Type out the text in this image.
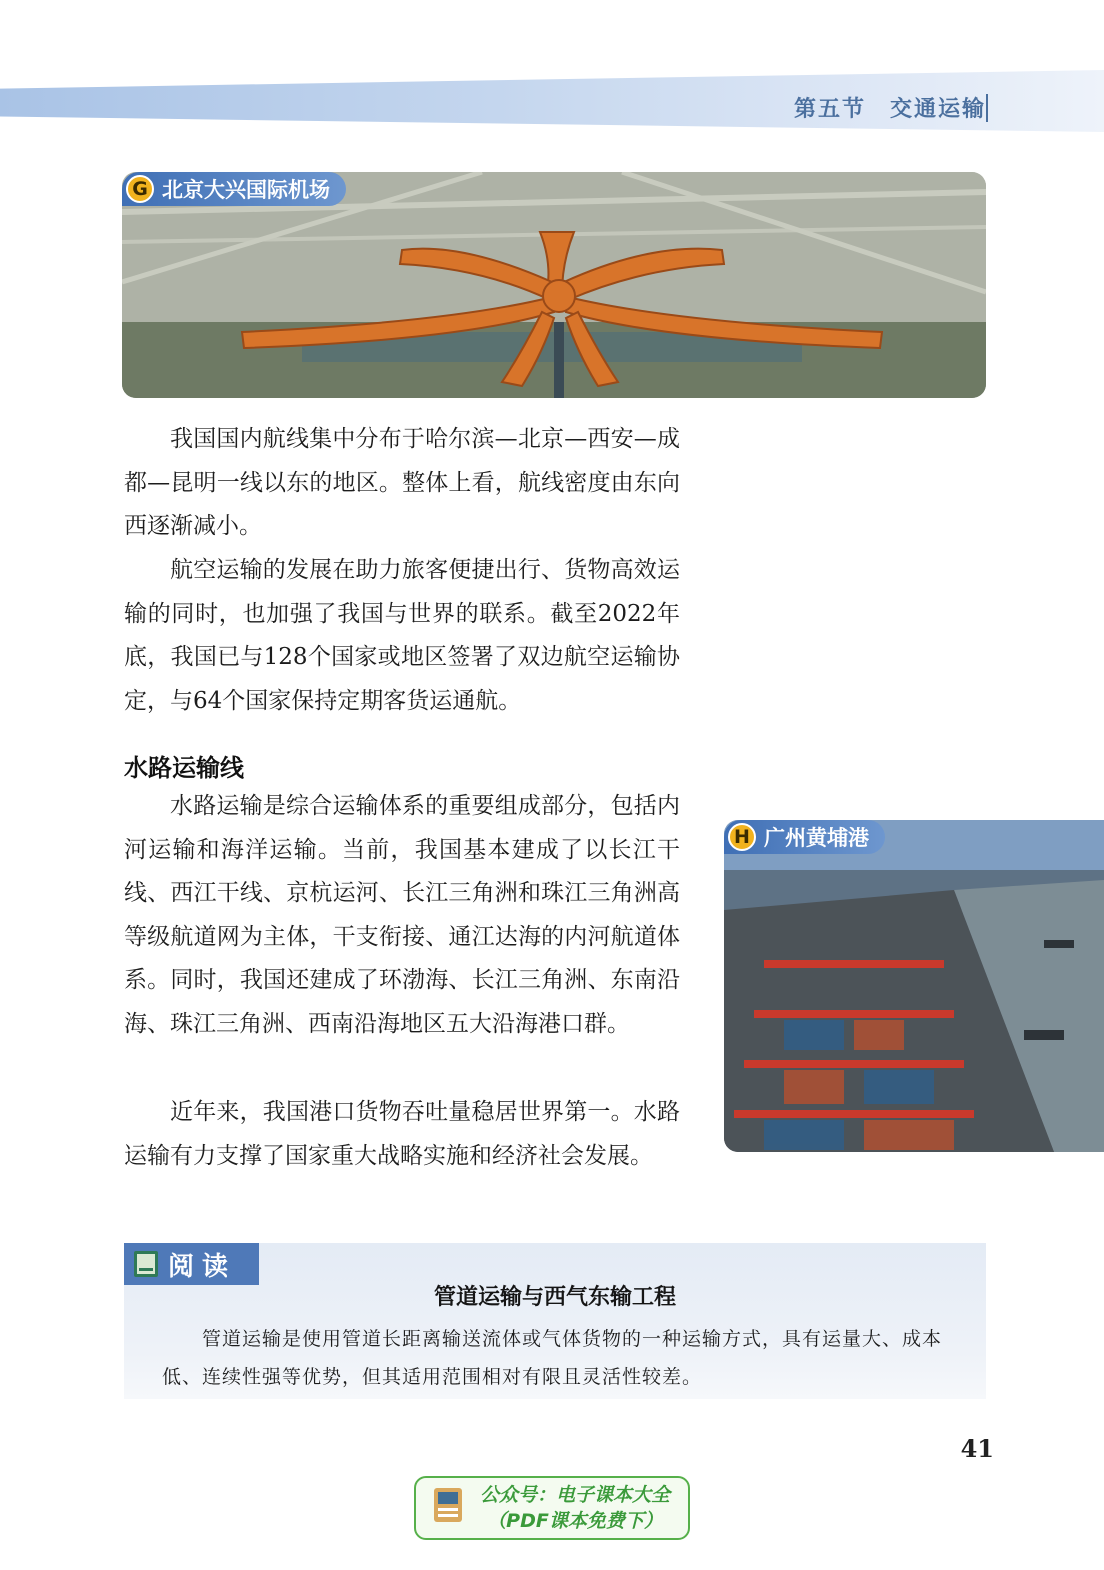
第五节　交通运输
G 北京大兴国际机场
我国国内航线集中分布于哈尔滨—北京—西安—成都—昆明一线以东的地区。整体上看，航线密度由东向西逐渐减小。
航空运输的发展在助力旅客便捷出行、货物高效运输的同时，也加强了我国与世界的联系。截至2022年底，我国已与128个国家或地区签署了双边航空运输协定，与64个国家保持定期客货运通航。
水路运输线
水路运输是综合运输体系的重要组成部分，包括内河运输和海洋运输。当前，我国基本建成了以长江干线、西江干线、京杭运河、长江三角洲和珠江三角洲高等级航道网为主体，干支衔接、通江达海的内河航道体系。同时，我国还建成了环渤海、长江三角洲、东南沿海、珠江三角洲、西南沿海地区五大沿海港口群。
近年来，我国港口货物吞吐量稳居世界第一。水路运输有力支撑了国家重大战略实施和经济社会发展。
H 广州黄埔港
阅读
管道运输与西气东输工程
管道运输是使用管道长距离输送流体或气体货物的一种运输方式，具有运量大、成本低、连续性强等优势，但其适用范围相对有限且灵活性较差。
41
公众号：电子课本大全
（PDF课本免费下）
